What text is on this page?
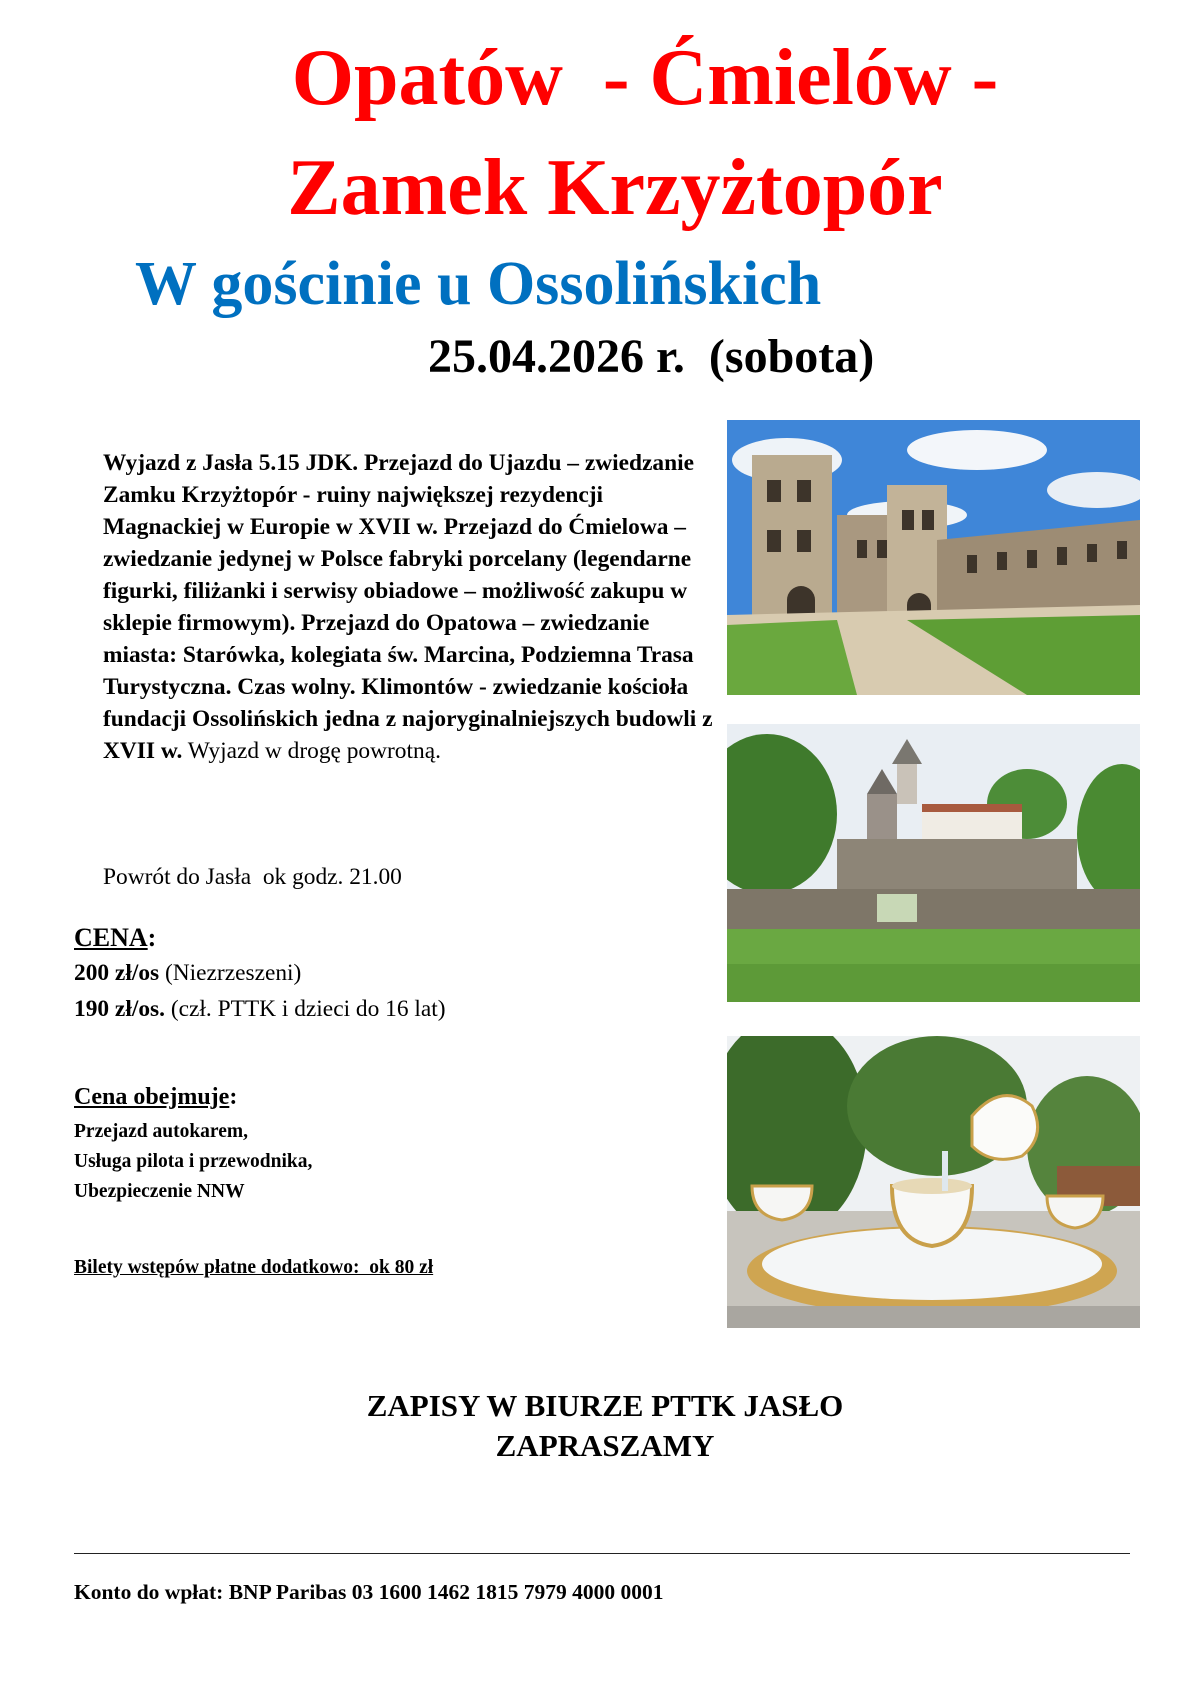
Opatów  - Ćmielów -
Zamek Krzyżtopór
W gościnie u Ossolińskich
25.04.2026 r.  (sobota)
Wyjazd z Jasła 5.15 JDK. Przejazd do Ujazdu – zwiedzanie Zamku Krzyżtopór - ruiny największej rezydencji Magnackiej w Europie w XVII w. Przejazd do Ćmielowa – zwiedzanie jedynej w Polsce fabryki porcelany (legendarne figurki, filiżanki i serwisy obiadowe – możliwość zakupu w sklepie firmowym). Przejazd do Opatowa – zwiedzanie miasta: Starówka, kolegiata św. Marcina, Podziemna Trasa Turystyczna. Czas wolny. Klimontów - zwiedzanie kościoła fundacji Ossolińskich jedna z najoryginalniejszych budowli z XVII w. Wyjazd w drogę powrotną.
Powrót do Jasła  ok godz. 21.00
CENA:
200 zł/os (Niezrzeszeni)
190 zł/os. (czł. PTTK i dzieci do 16 lat)
Cena obejmuje:
Przejazd autokarem,
Usługa pilota i przewodnika,
Ubezpieczenie NNW
Bilety wstępów płatne dodatkowo:  ok 80 zł
ZAPISY W BIURZE PTTK JASŁO
ZAPRASZAMY
Konto do wpłat: BNP Paribas 03 1600 1462 1815 7979 4000 0001
